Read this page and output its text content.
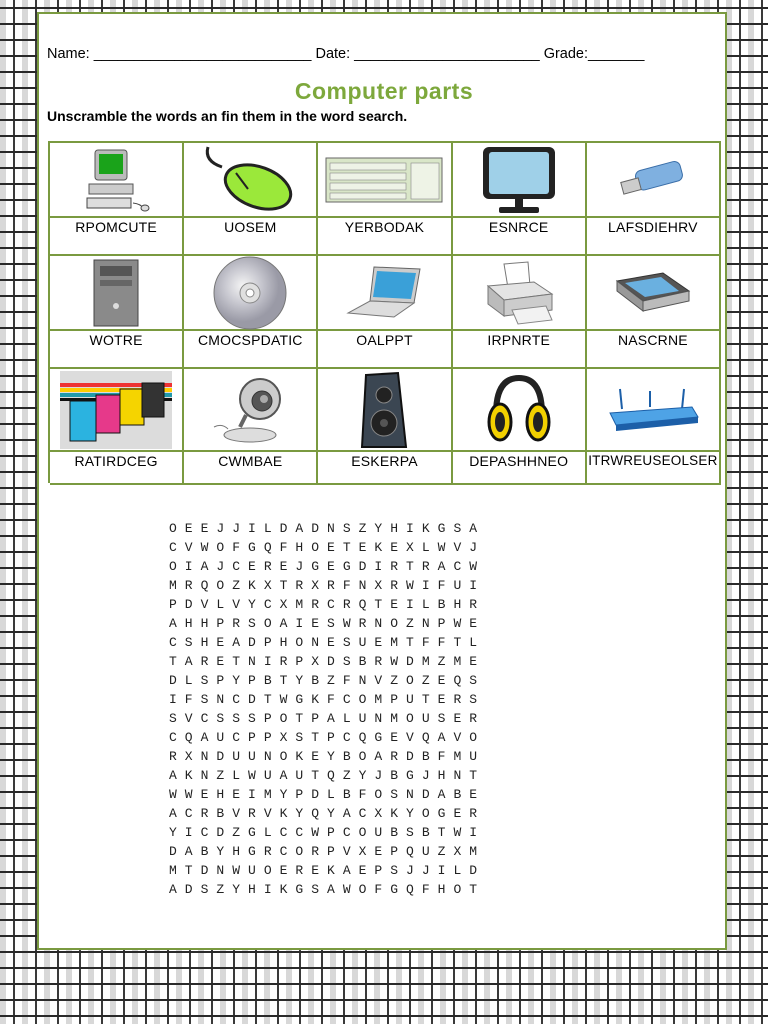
Name: ___________________________ Date: _______________________ Grade:_______
Computer parts
Unscramble the words an fin them in the word search.
RPOMCUTE	UOSEM	YERBODAK	ESNRCE	LAFSDIEHRV
WOTRE	CMOCSPDATIC	OALPPT	IRPNRTE	NASCRNE
RATIRDCEG	CWMBAE	ESKERPA	DEPASHHNEO	ITRWREUSEOLSER
O E E J J I L D A D N S Z Y H I K G S A
C V W O F G Q F H O E T E K E X L W V J
O I A J C E R E J G E G D I R T R A C W
M R Q O Z K X T R X R F N X R W I F U I
P D V L V Y C X M R C R Q T E I L B H R
A H H P R S O A I E S W R N O Z N P W E
C S H E A D P H O N E S U E M T F F T L
T A R E T N I R P X D S B R W D M Z M E
D L S P Y P B T Y B Z F N V Z O Z E Q S
I F S N C D T W G K F C O M P U T E R S
S V C S S S P O T P A L U N M O U S E R
C Q A U C P P X S T P C Q G E V Q A V O
R X N D U U N O K E Y B O A R D B F M U
A K N Z L W U A U T Q Z Y J B G J H N T
W W E H E I M Y P D L B F O S N D A B E
A C R B V R V K Y Q Y A C X K Y O G E R
Y I C D Z G L C C W P C O U B S B T W I
D A B Y H G R C O R P V X E P Q U Z X M
M T D N W U O E R E K A E P S J J I L D
A D S Z Y H I K G S A W O F G Q F H O T
